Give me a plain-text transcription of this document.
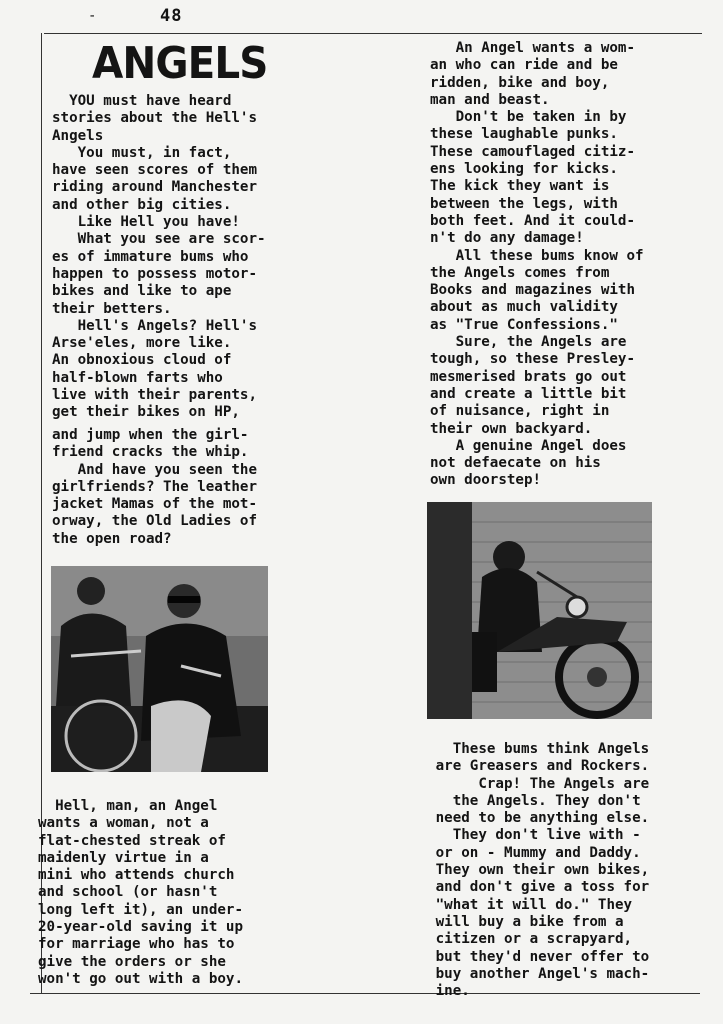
-	48
ANGELS
YOU must have heard
stories about the Hell's
Angels
You must, in fact,
have seen scores of them
riding around Manchester
and other big cities.
Like Hell you have!
What you see are scor-
es of immature bums who
happen to possess motor-
bikes and like to ape
their betters.
Hell's Angels? Hell's
Arse'eles, more like.
An obnoxious cloud of
half-blown farts who
live with their parents,
get their bikes on HP,
and jump when the girl-
friend cracks the whip.
And have you seen the
girlfriends? The leather
jacket Mamas of the mot-
orway, the Old Ladies of
the open road?
Hell, man, an Angel
wants a woman, not a
flat-chested streak of
maidenly virtue in a
mini who attends church
and school (or hasn't
long left it), an under-
20-year-old saving it up
for marriage who has to
give the orders or she
won't go out with a boy.
An Angel wants a wom-
an who can ride and be
ridden, bike and boy,
man and beast.
Don't be taken in by
these laughable punks.
These camouflaged citiz-
ens looking for kicks.
The kick they want is
between the legs, with
both feet. And it could-
n't do any damage!
All these bums know of
the Angels comes from
Books and magazines with
about as much validity
as "True Confessions."
Sure, the Angels are
tough, so these Presley-
mesmerised brats go out
and create a little bit
of nuisance, right in
their own backyard.
A genuine Angel does
not defaecate on his
own doorstep!
These bums think Angels
are Greasers and Rockers.
Crap! The Angels are
the Angels. They don't
need to be anything else.
They don't live with -
or on - Mummy and Daddy.
They own their own bikes,
and don't give a toss for
"what it will do." They
will buy a bike from a
citizen or a scrapyard,
but they'd never offer to
buy another Angel's mach-
ine.
